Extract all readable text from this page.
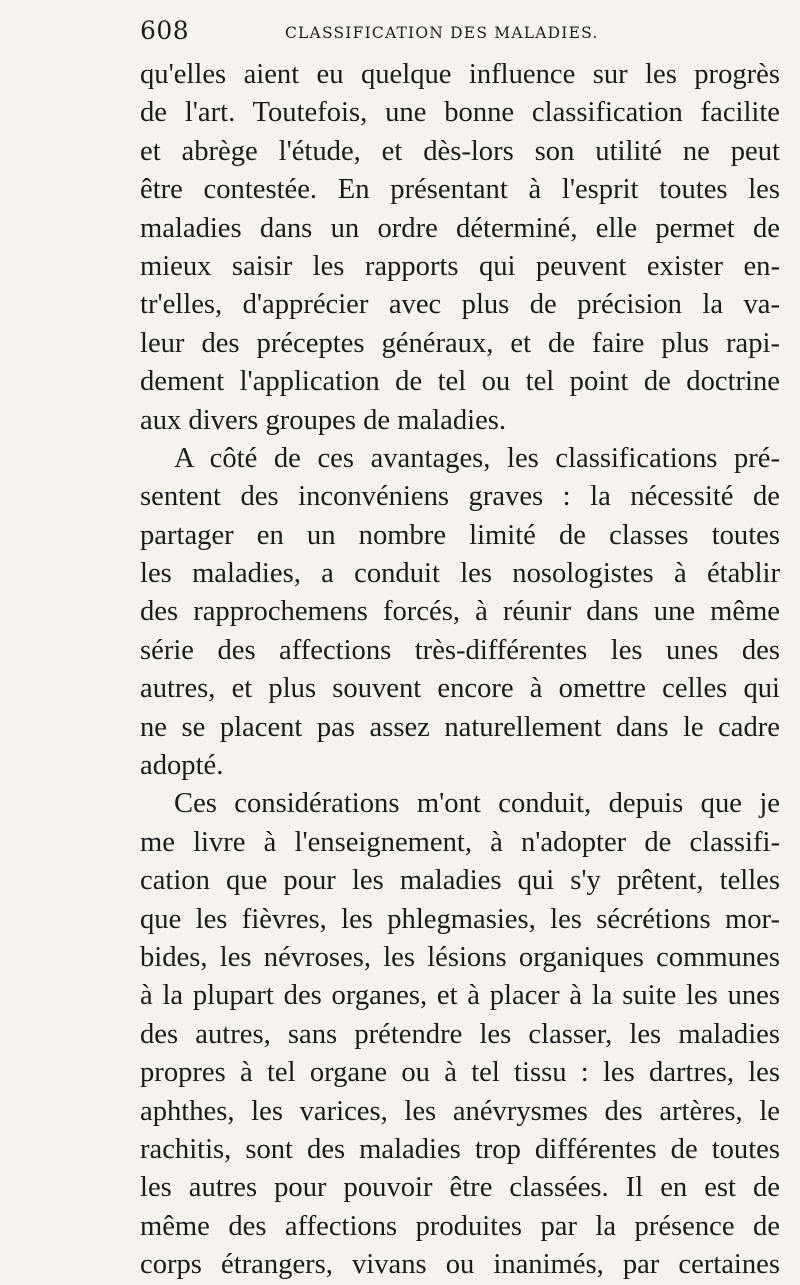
608	CLASSIFICATION DES MALADIES.
qu'elles aient eu quelque influence sur les progrès
de l'art. Toutefois, une bonne classification facilite
et abrège l'étude, et dès-lors son utilité ne peut
être contestée. En présentant à l'esprit toutes les
maladies dans un ordre déterminé, elle permet de
mieux saisir les rapports qui peuvent exister en-
tr'elles, d'apprécier avec plus de précision la va-
leur des préceptes généraux, et de faire plus rapi-
dement l'application de tel ou tel point de doctrine
aux divers groupes de maladies.
A côté de ces avantages, les classifications pré-
sentent des inconvéniens graves : la nécessité de
partager en un nombre limité de classes toutes
les maladies, a conduit les nosologistes à établir
des rapprochemens forcés, à réunir dans une même
série des affections très-différentes les unes des
autres, et plus souvent encore à omettre celles qui
ne se placent pas assez naturellement dans le cadre
adopté.
Ces considérations m'ont conduit, depuis que je
me livre à l'enseignement, à n'adopter de classifi-
cation que pour les maladies qui s'y prêtent, telles
que les fièvres, les phlegmasies, les sécrétions mor-
bides, les névroses, les lésions organiques communes
à la plupart des organes, et à placer à la suite les unes
des autres, sans prétendre les classer, les maladies
propres à tel organe ou à tel tissu : les dartres, les
aphthes, les varices, les anévrysmes des artères, le
rachitis, sont des maladies trop différentes de toutes
les autres pour pouvoir être classées. Il en est de
même des affections produites par la présence de
corps étrangers, vivans ou inanimés, par certaines
